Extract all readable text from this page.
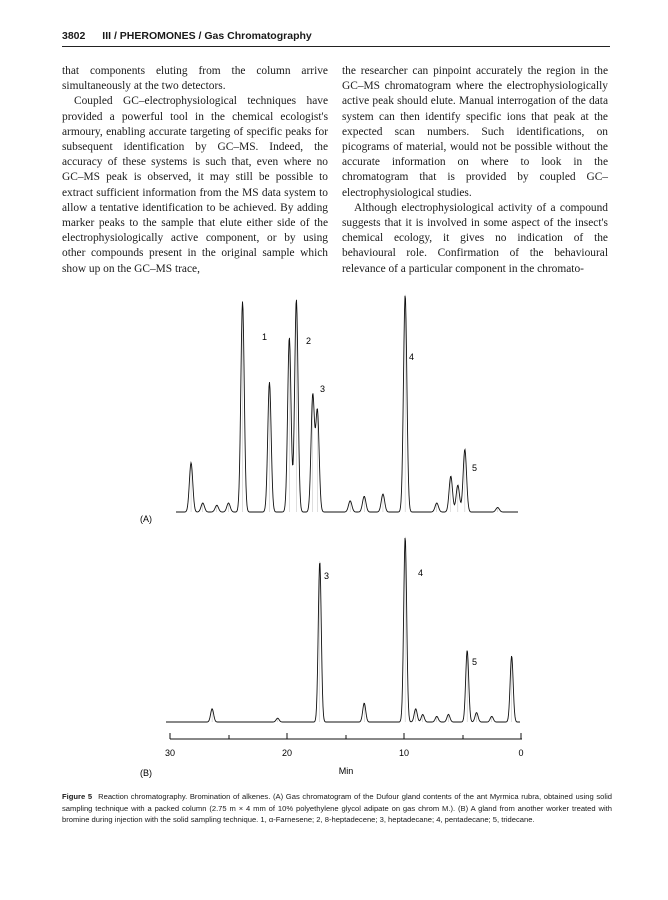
3802 III / PHEROMONES / Gas Chromatography

that components eluting from the column arrive simultaneously at the two detectors.

Coupled GC–electrophysiological techniques have provided a powerful tool in the chemical ecologist's armoury, enabling accurate targeting of specific peaks for subsequent identification by GC–MS. Indeed, the accuracy of these systems is such that, even where no GC–MS peak is observed, it may still be possible to extract sufficient information from the MS data system to allow a tentative identification to be achieved. By adding marker peaks to the sample that elute either side of the electrophysiologically active component, or by using other compounds present in the original sample which show up on the GC–MS trace,

the researcher can pinpoint accurately the region in the GC–MS chromatogram where the electrophysiologically active peak should elute. Manual interrogation of the data system can then identify specific ions that peak at the expected scan numbers. Such identifications, on picograms of material, would not be possible without the accurate information on where to look in the chromatogram that is provided by coupled GC–electrophysiological studies.

Although electrophysiological activity of a compound suggests that it is involved in some aspect of the insect's chemical ecology, it gives no indication of the behavioural role. Confirmation of the behavioural relevance of a particular component in the chromato-

(A)
(B)
1	2
3
4
5
3	4
5
30	20	10	0
Min
Figure 5 Reaction chromatography. Bromination of alkenes. (A) Gas chromatogram of the Dufour gland contents of the ant Myrmica rubra, obtained using solid sampling technique with a packed column (2.75 m × 4 mm of 10% polyethylene glycol adipate on gas chrom M.). (B) A gland from another worker treated with bromine during injection with the solid sampling technique. 1, α-Farnesene; 2, 8-heptadecene; 3, heptadecane; 4, pentadecane; 5, tridecane.
